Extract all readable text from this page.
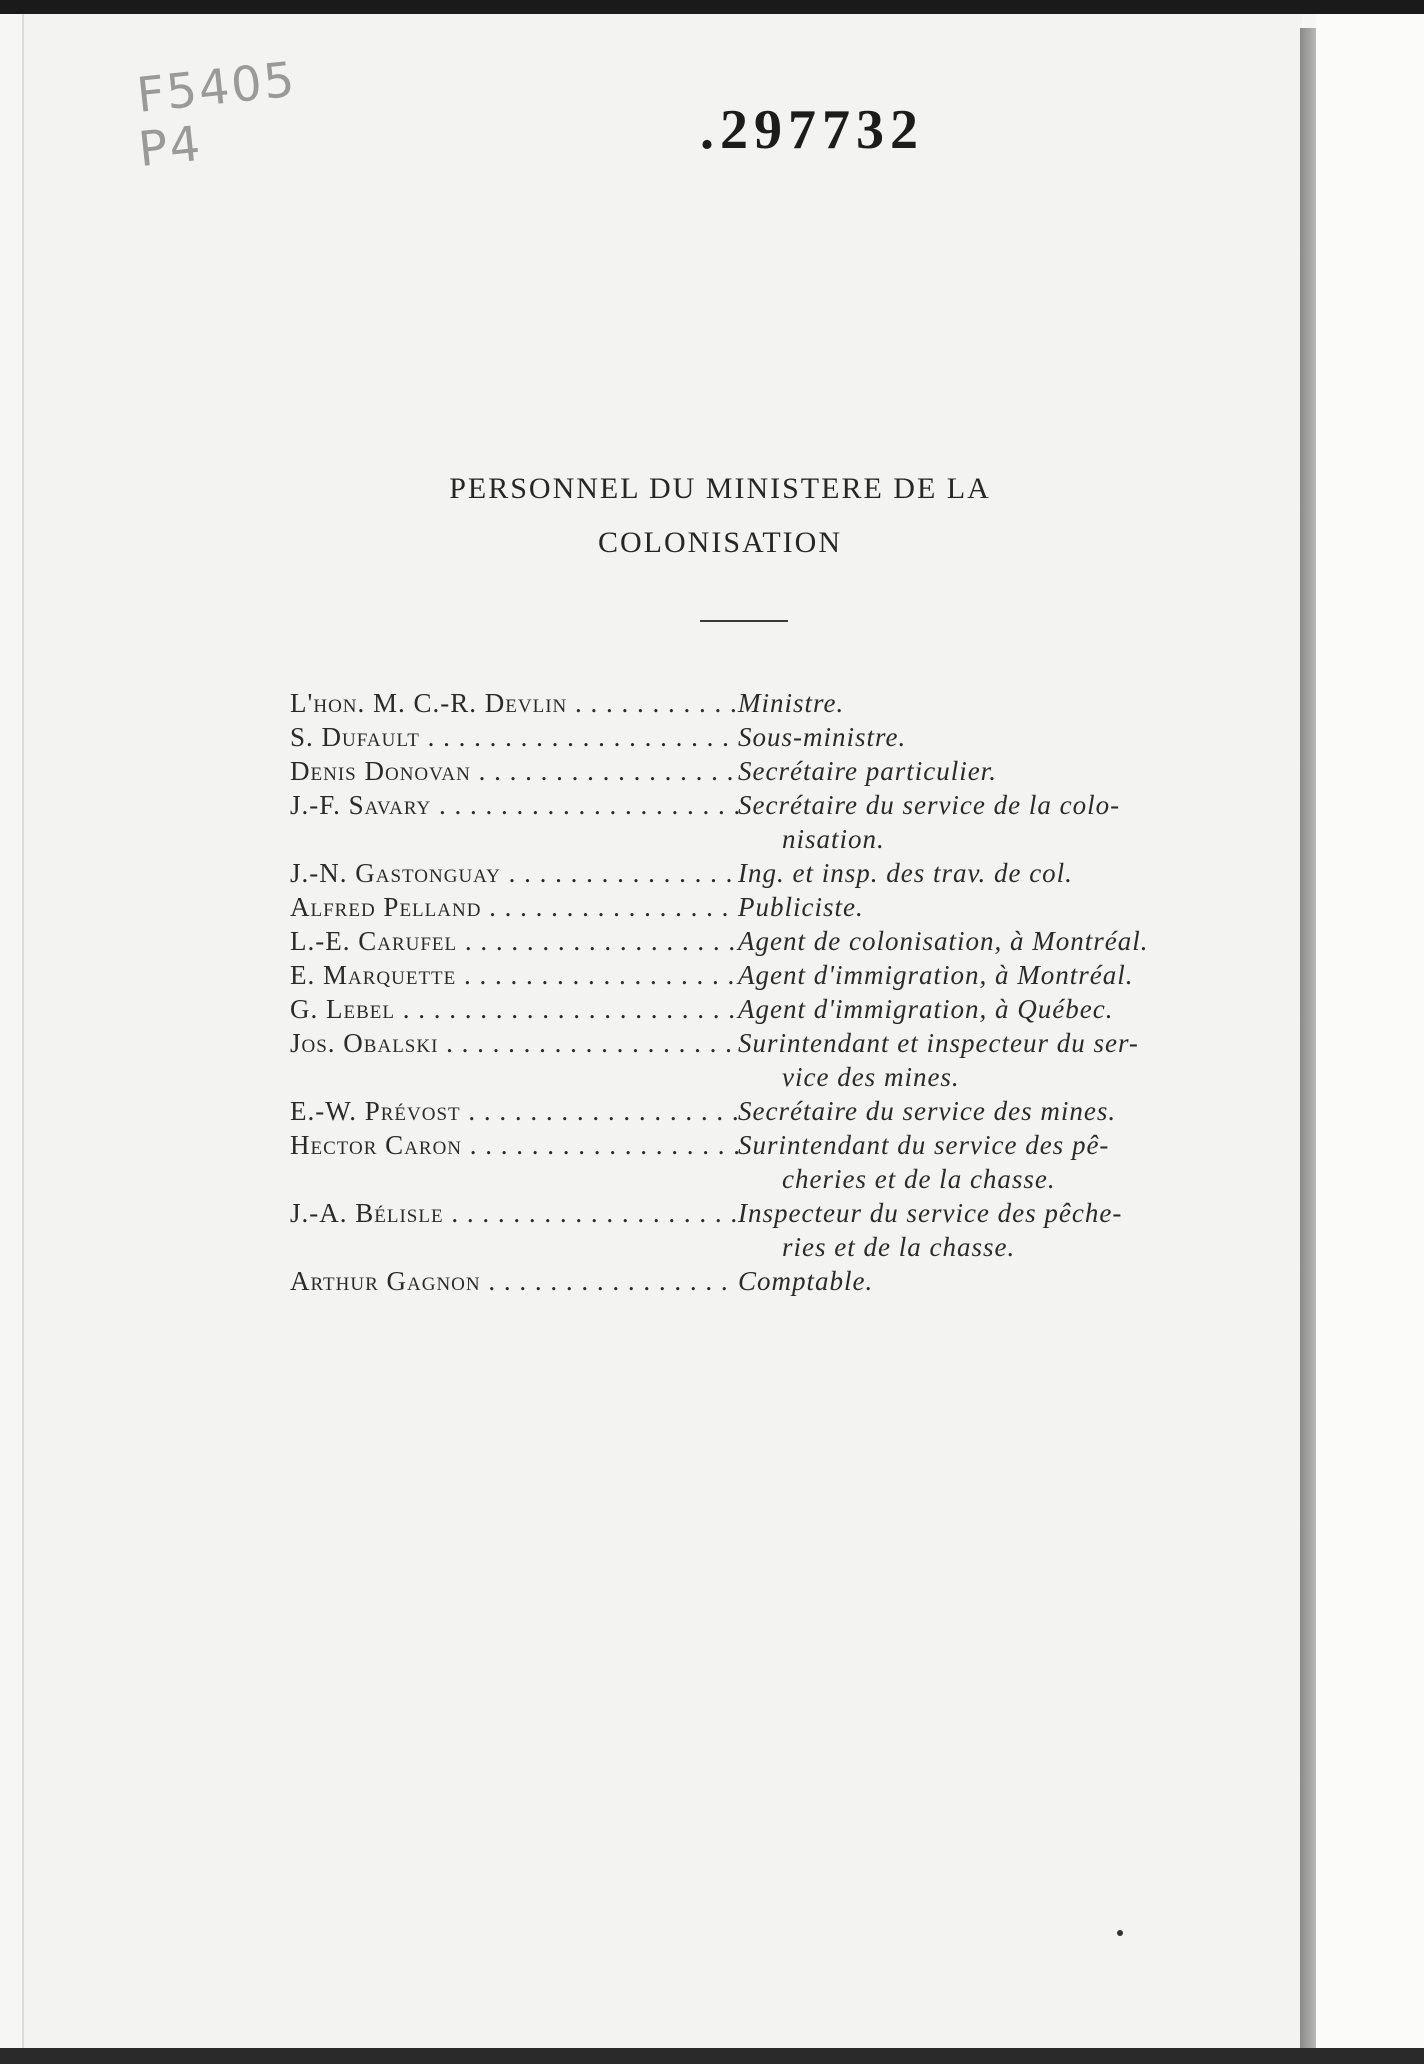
F5405
P4	.297732
PERSONNEL DU MINISTERE DE LA
COLONISATION
L'hon. M. C.-R. Devlin . . .	Ministre.
S. Dufault . . .	Sous-ministre.
Denis Donovan . . .	Secrétaire particulier.
J.-F. Savary . . .	Secrétaire du service de la colo-
nisation.
J.-N. Gastonguay . . .	Ing. et insp. des trav. de col.
Alfred Pelland . . .	Publiciste.
L.-E. Carufel . . .	Agent de colonisation, à Montréal.
E. Marquette . . .	Agent d'immigration, à Montréal.
G. Lebel . . .	Agent d'immigration, à Québec.
Jos. Obalski . . .	Surintendant et inspecteur du ser-
vice des mines.
E.-W. Prévost . . .	Secrétaire du service des mines.
Hector Caron . . .	Surintendant du service des pê-
cheries et de la chasse.
J.-A. Bélisle . . .	Inspecteur du service des pêche-
ries et de la chasse.
Arthur Gagnon . . .	Comptable.
